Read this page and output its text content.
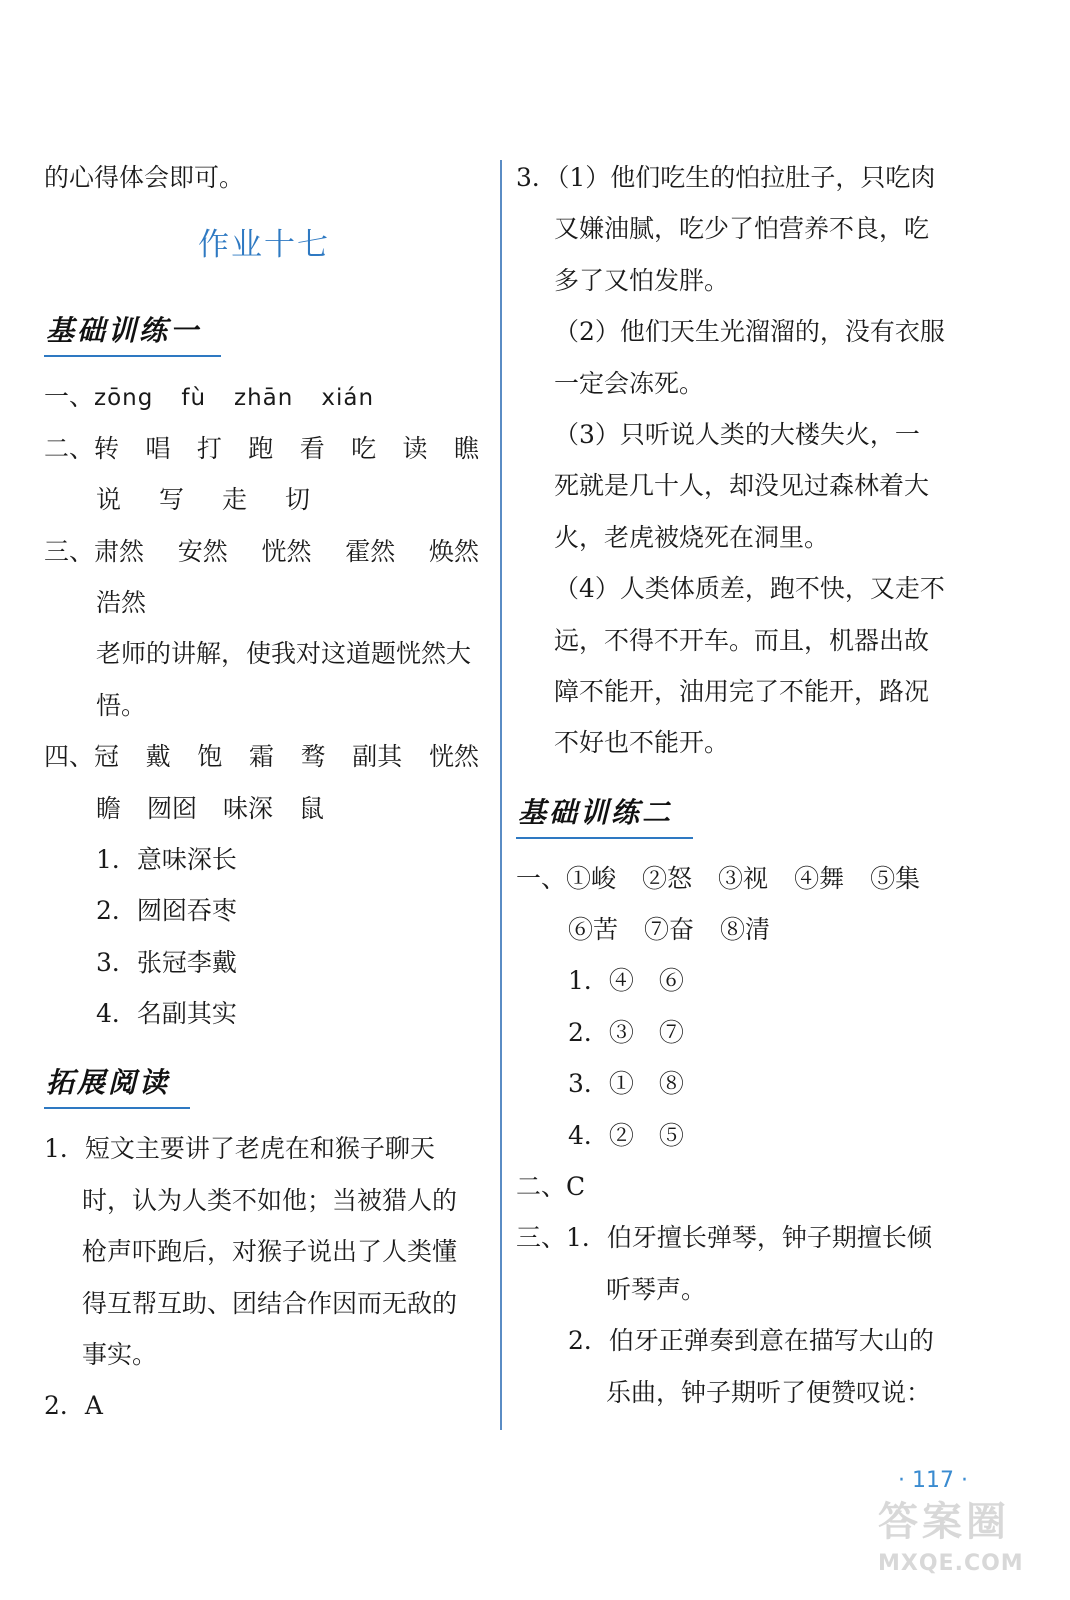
的心得体会即可。
作业十七
基础训练一
一、zōng fù zhān xián
二、 转 唱 打 跑 看 吃 读 瞧
说 写 走 切
三、 肃然 安然 恍然 霍然 焕然
浩然
老师的讲解，使我对这道题恍然大
悟。
四、 冠 戴 饱 霜 骛 副其 恍然
瞻 囫囵 味深 鼠
1．意味深长
2．囫囵吞枣
3．张冠李戴
4．名副其实
拓展阅读
1．短文主要讲了老虎在和猴子聊天
时，认为人类不如他；当被猎人的
枪声吓跑后，对猴子说出了人类懂
得互帮互助、团结合作因而无敌的
事实。
2．A
3．（1）他们吃生的怕拉肚子，只吃肉
又嫌油腻，吃少了怕营养不良，吃
多了又怕发胖。
（2）他们天生光溜溜的，没有衣服
一定会冻死。
（3）只听说人类的大楼失火，一
死就是几十人，却没见过森林着大
火，老虎被烧死在洞里。
（4）人类体质差，跑不快，又走不
远，不得不开车。而且，机器出故
障不能开，油用完了不能开，路况
不好也不能开。
基础训练二
一、 ①峻 ②怒 ③视 ④舞 ⑤集
⑥苦 ⑦奋 ⑧清
1．④　⑥
2．③　⑦
3．①　⑧
4．②　⑤
二、C
三、1．伯牙擅长弹琴，钟子期擅长倾
听琴声。
2．伯牙正弹奏到意在描写大山的
乐曲，钟子期听了便赞叹说：
· 117 ·
答案圈
MXQE.COM
